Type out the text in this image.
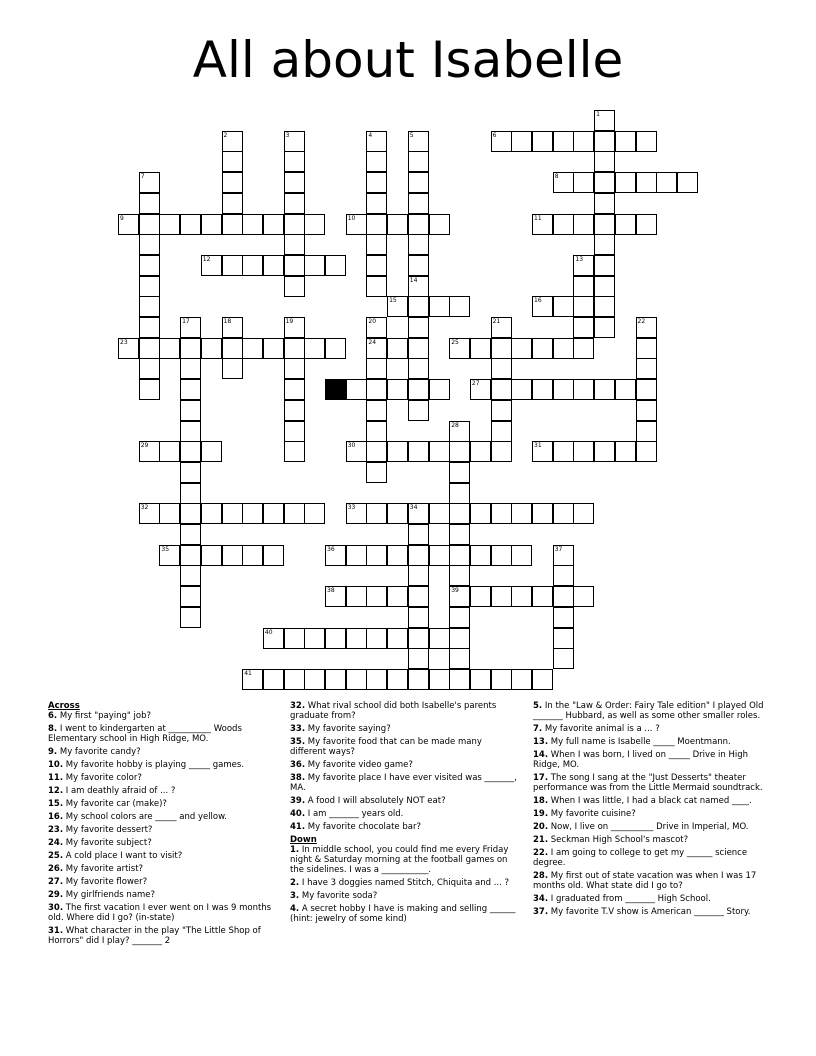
All about Isabelle
1
2	3	4	5	6
7	8
9	10	11
12	13
14
15	16
17	18	19	20	21	22
23	24	25
26	27
28
29	30	31
32	33	34
35	36	37
38	39
40
41
Across
6. My first "paying" job?
8. I went to kindergarten at __________ Woods Elementary school in High Ridge, MO.
9. My favorite candy?
10. My favorite hobby is playing _____ games.
11. My favorite color?
12. I am deathly afraid of ... ?
15. My favorite car (make)?
16. My school colors are _____ and yellow.
23. My favorite dessert?
24. My favorite subject?
25. A cold place I want to visit?
26. My favorite artist?
27. My favorite flower?
29. My girlfriends name?
30. The first vacation I ever went on I was 9 months old. Where did I go? (in-state)
31. What character in the play "The Little Shop of Horrors" did I play? _______ 2
32. What rival school did both Isabelle's parents graduate from?
33. My favorite saying?
35. My favorite food that can be made many different ways?
36. My favorite video game?
38. My favorite place I have ever visited was _______, MA.
39. A food I will absolutely NOT eat?
40. I am _______ years old.
41. My favorite chocolate bar?
Down
1. In middle school, you could find me every Friday night & Saturday morning at the football games on the sidelines. I was a ___________.
2. I have 3 doggies named Stitch, Chiquita and ... ?
3. My favorite soda?
4. A secret hobby I have is making and selling ______ (hint: jewelry of some kind)
5. In the "Law & Order: Fairy Tale edition" I played Old _______ Hubbard, as well as some other smaller roles.
7. My favorite animal is a ... ?
13. My full name is Isabelle _____ Moentmann.
14. When I was born, I lived on _____ Drive in High Ridge, MO.
17. The song I sang at the "Just Desserts" theater performance was from the Little Mermaid soundtrack.
18. When I was little, I had a black cat named ____.
19. My favorite cuisine?
20. Now, I live on __________ Drive in Imperial, MO.
21. Seckman High School's mascot?
22. I am going to college to get my ______ science degree.
28. My first out of state vacation was when I was 17 months old. What state did I go to?
34. I graduated from _______ High School.
37. My favorite T.V show is American _______ Story.
